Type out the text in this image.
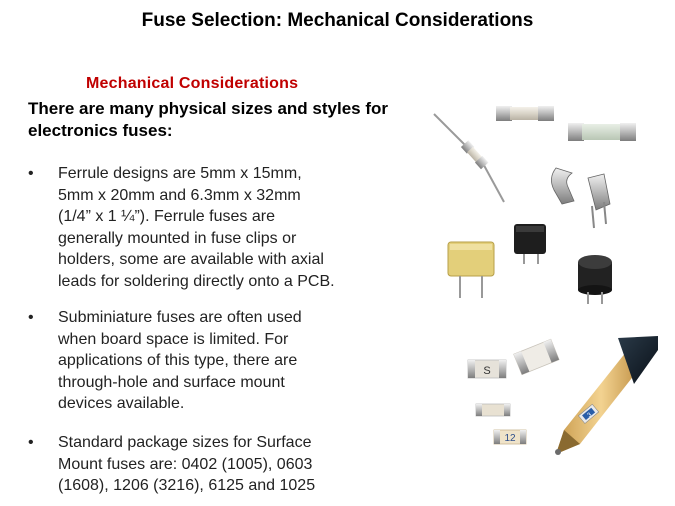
Fuse Selection: Mechanical Considerations
Mechanical Considerations
There are many physical sizes and styles for electronics fuses:
•	Ferrule designs are 5mm x 15mm,
5mm x 20mm and 6.3mm x 32mm
(1/4” x 1 ¼”). Ferrule fuses are
generally mounted in fuse clips or
holders, some are available with axial
leads for soldering directly onto a PCB.
•	Subminiature fuses are often used
when board space is limited. For
applications of this type, there are
through-hole and surface mount
devices available.
•	Standard package sizes for Surface
Mount fuses are: 0402 (1005), 0603
(1608), 1206 (3216), 6125 and 1025
S
12
3
